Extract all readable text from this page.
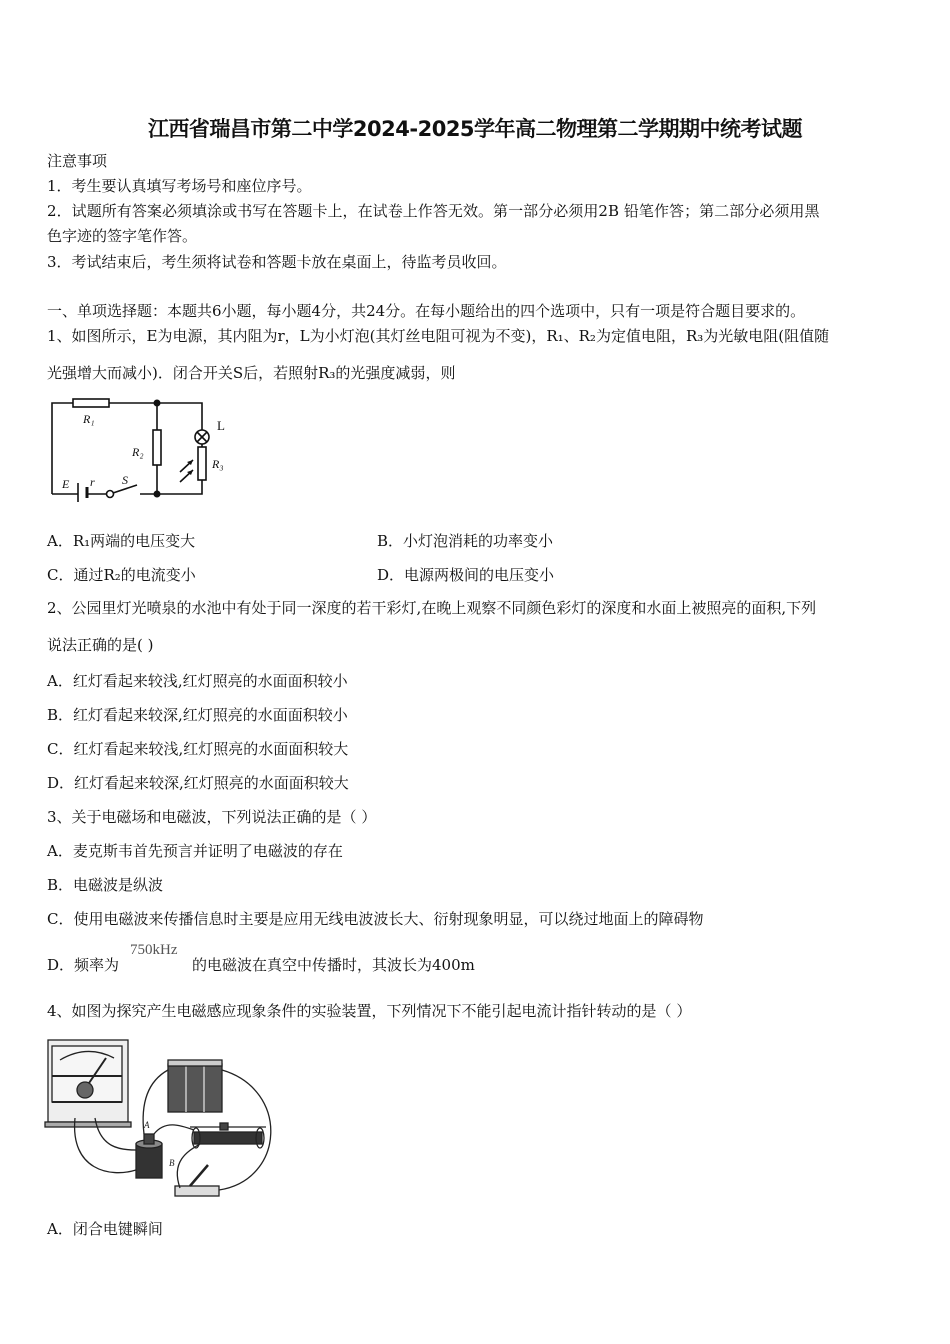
江西省瑞昌市第二中学2024-2025学年高二物理第二学期期中统考试题
注意事项
1．考生要认真填写考场号和座位序号。
2．试题所有答案必须填涂或书写在答题卡上，在试卷上作答无效。第一部分必须用2B 铅笔作答；第二部分必须用黑
色字迹的签字笔作答。
3．考试结束后，考生须将试卷和答题卡放在桌面上，待监考员收回。
一、单项选择题：本题共6小题，每小题4分，共24分。在每小题给出的四个选项中，只有一项是符合题目要求的。
1、如图所示，E为电源，其内阻为r，L为小灯泡(其灯丝电阻可视为不变)，R₁、R₂为定值电阻，R₃为光敏电阻(阻值随
光强增大而减小)．闭合开关S后，若照射R₃的光强度减弱，则
R₁
R₂
R₃
E r S
L
A．R₁两端的电压变大	B．小灯泡消耗的功率变小
C．通过R₂的电流变小	D．电源两极间的电压变小
2、公园里灯光喷泉的水池中有处于同一深度的若干彩灯,在晚上观察不同颜色彩灯的深度和水面上被照亮的面积,下列
说法正确的是( )
A．红灯看起来较浅,红灯照亮的水面面积较小
B．红灯看起来较深,红灯照亮的水面面积较小
C．红灯看起来较浅,红灯照亮的水面面积较大
D．红灯看起来较深,红灯照亮的水面面积较大
3、关于电磁场和电磁波，下列说法正确的是（ ）
A．麦克斯韦首先预言并证明了电磁波的存在
B．电磁波是纵波
C．使用电磁波来传播信息时主要是应用无线电波波长大、衍射现象明显，可以绕过地面上的障碍物
D．频率为
750kHz
的电磁波在真空中传播时，其波长为400m
4、如图为探究产生电磁感应现象条件的实验装置，下列情况下不能引起电流计指针转动的是（ ）
A
B
A．闭合电键瞬间
